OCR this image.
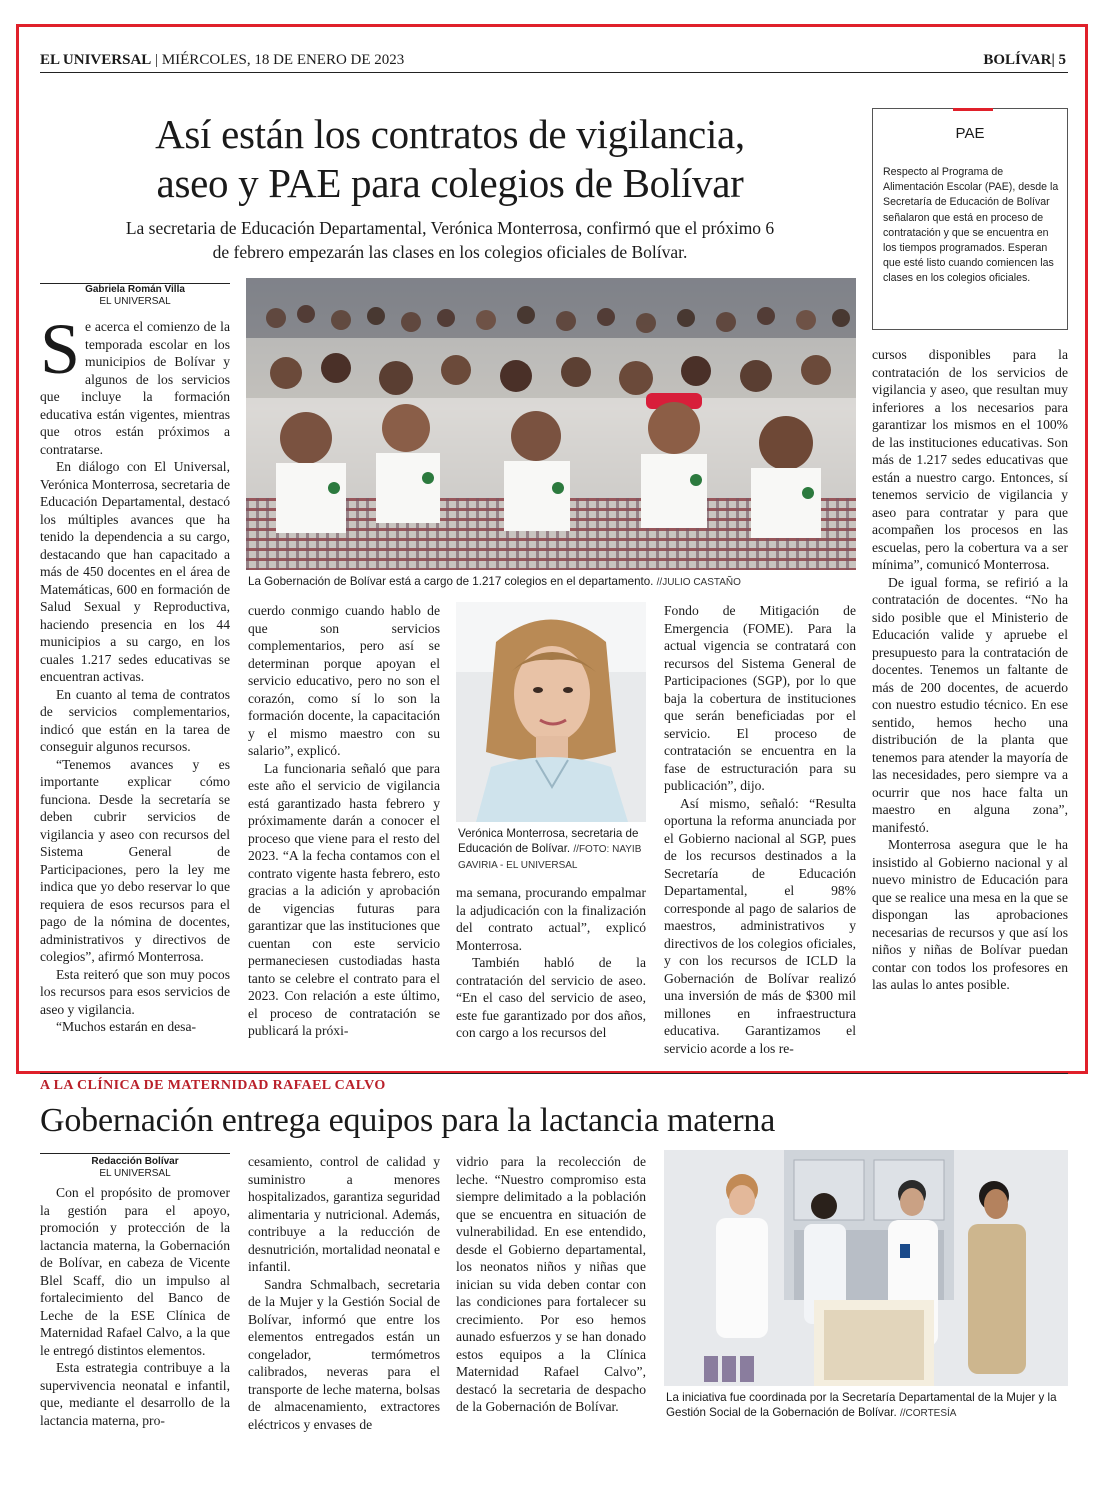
EL UNIVERSAL | MIÉRCOLES, 18 DE ENERO DE 2023	BOLÍVAR| 5
Así están los contratos de vigilancia,
aseo y PAE para colegios de Bolívar
La secretaria de Educación Departamental, Verónica Monterrosa, confirmó que el próximo 6
de febrero empezarán las clases en los colegios oficiales de Bolívar.
PAE
Respecto al Programa de Alimentación Escolar (PAE), desde la Secretaría de Educación de Bolívar señalaron que está en proceso de contratación y que se encuentra en los tiempos programados. Esperan que esté listo cuando comiencen las clases en los colegios oficiales.
Gabriela Román Villa
EL UNIVERSAL

Se acerca el comienzo de la temporada escolar en los municipios de Bolívar y algunos de los servicios que incluye la formación educativa están vigentes, mientras que otros están próximos a contratarse.

En diálogo con El Universal, Verónica Monterrosa, secretaria de Educación Departamental, destacó los múltiples avances que ha tenido la dependencia a su cargo, destacando que han capacitado a más de 450 docentes en el área de Matemáticas, 600 en formación de Salud Sexual y Reproductiva, haciendo presencia en los 44 municipios a su cargo, en los cuales 1.217 sedes educativas se encuentran activas.

En cuanto al tema de contratos de servicios complementarios, indicó que están en la tarea de conseguir algunos recursos.

“Tenemos avances y es importante explicar cómo funciona. Desde la secretaría se deben cubrir servicios de vigilancia y aseo con recursos del Sistema General de Participaciones, pero la ley me indica que yo debo reservar lo que requiera de esos recursos para el pago de la nómina de docentes, administrativos y directivos de colegios”, afirmó Monterrosa.

Esta reiteró que son muy pocos los recursos para esos servicios de aseo y vigilancia.

“Muchos estarán en desa-

La Gobernación de Bolívar está a cargo de 1.217 colegios en el departamento. //JULIO CASTAÑO

cuerdo conmigo cuando hablo de que son servicios complementarios, pero así se determinan porque apoyan el servicio educativo, pero no son el corazón, como sí lo son la formación docente, la capacitación y el mismo maestro con su salario”, explicó.

La funcionaria señaló que para este año el servicio de vigilancia está garantizado hasta febrero y próximamente darán a conocer el proceso que viene para el resto del 2023. “A la fecha contamos con el contrato vigente hasta febrero, esto gracias a la adición y aprobación de vigencias futuras para garantizar que las instituciones que cuentan con este servicio permaneciesen custodiadas hasta tanto se celebre el contrato para el 2023. Con relación a este último, el proceso de contratación se publicará la próxi-

Verónica Monterrosa, secretaria de Educación de Bolívar. //FOTO: NAYIB GAVIRIA - EL UNIVERSAL

ma semana, procurando empalmar la adjudicación con la finalización del contrato actual”, explicó Monterrosa.

También habló de la contratación del servicio de aseo. “En el caso del servicio de aseo, este fue garantizado por dos años, con cargo a los recursos del

Fondo de Mitigación de Emergencia (FOME). Para la actual vigencia se contratará con recursos del Sistema General de Participaciones (SGP), por lo que baja la cobertura de instituciones que serán beneficiadas por el servicio. El proceso de contratación se encuentra en la fase de estructuración para su publicación”, dijo.

Así mismo, señaló: “Resulta oportuna la reforma anunciada por el Gobierno nacional al SGP, pues de los recursos destinados a la Secretaría de Educación Departamental, el 98% corresponde al pago de salarios de maestros, administrativos y directivos de los colegios oficiales, y con los recursos de ICLD la Gobernación de Bolívar realizó una inversión de más de $300 mil millones en infraestructura educativa. Garantizamos el servicio acorde a los re-

cursos disponibles para la contratación de los servicios de vigilancia y aseo, que resultan muy inferiores a los necesarios para garantizar los mismos en el 100% de las instituciones educativas. Son más de 1.217 sedes educativas que están a nuestro cargo. Entonces, sí tenemos servicio de vigilancia y aseo para contratar y para que acompañen los procesos en las escuelas, pero la cobertura va a ser mínima”, comunicó Monterrosa.

De igual forma, se refirió a la contratación de docentes. “No ha sido posible que el Ministerio de Educación valide y apruebe el presupuesto para la contratación de docentes. Tenemos un faltante de más de 200 docentes, de acuerdo con nuestro estudio técnico. En ese sentido, hemos hecho una distribución de la planta que tenemos para atender la mayoría de las necesidades, pero siempre va a ocurrir que nos hace falta un maestro en alguna zona”, manifestó.

Monterrosa asegura que le ha insistido al Gobierno nacional y al nuevo ministro de Educación para que se realice una mesa en la que se dispongan las aprobaciones necesarias de recursos y que así los niños y niñas de Bolívar puedan contar con todos los profesores en las aulas lo antes posible.

A LA CLÍNICA DE MATERNIDAD RAFAEL CALVO
Gobernación entrega equipos para la lactancia materna
Redacción Bolívar
EL UNIVERSAL

Con el propósito de promover la gestión para el apoyo, promoción y protección de la lactancia materna, la Gobernación de Bolívar, en cabeza de Vicente Blel Scaff, dio un impulso al fortalecimiento del Banco de Leche de la ESE Clínica de Maternidad Rafael Calvo, a la que le entregó distintos elementos.

Esta estrategia contribuye a la supervivencia neonatal e infantil, que, mediante el desarrollo de la lactancia materna, pro-

cesamiento, control de calidad y suministro a menores hospitalizados, garantiza seguridad alimentaria y nutricional. Además, contribuye a la reducción de desnutrición, mortalidad neonatal e infantil.

Sandra Schmalbach, secretaria de la Mujer y la Gestión Social de Bolívar, informó que entre los elementos entregados están un congelador, termómetros calibrados, neveras para el transporte de leche materna, bolsas de almacenamiento, extractores eléctricos y envases de

vidrio para la recolección de leche. “Nuestro compromiso esta siempre delimitado a la población que se encuentra en situación de vulnerabilidad. En ese entendido, desde el Gobierno departamental, los neonatos niños y niñas que inician su vida deben contar con las condiciones para fortalecer su crecimiento. Por eso hemos aunado esfuerzos y se han donado estos equipos a la Clínica Maternidad Rafael Calvo”, destacó la secretaria de despacho de la Gobernación de Bolívar.

La iniciativa fue coordinada por la Secretaría Departamental de la Mujer y la Gestión Social de la Gobernación de Bolívar. //CORTESÍA
